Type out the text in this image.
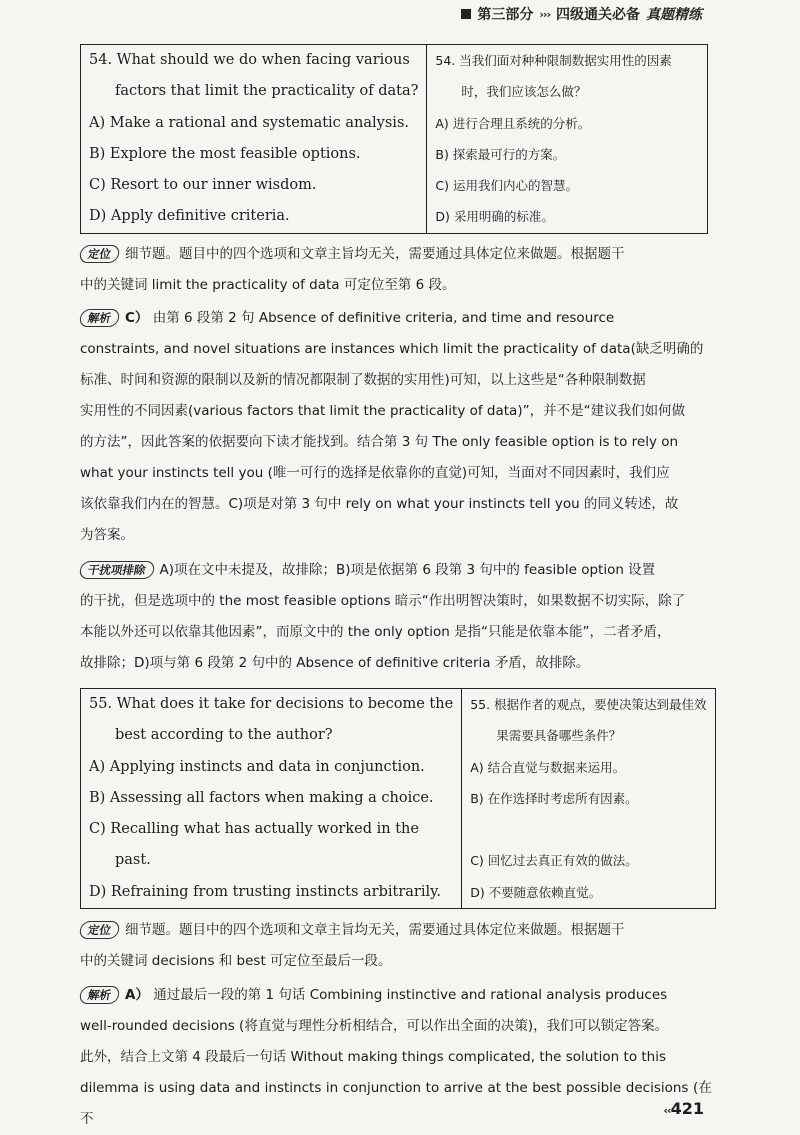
第三部分 ››› 四级通关必备 真题精练
54. What should we do when facing various
factors that limit the practicality of data?
A) Make a rational and systematic analysis.
B) Explore the most feasible options.
C) Resort to our inner wisdom.
D) Apply definitive criteria.

54. 当我们面对种种限制数据实用性的因素
时，我们应该怎么做？
A) 进行合理且系统的分析。
B) 探索最可行的方案。
C) 运用我们内心的智慧。
D) 采用明确的标准。
定位 细节题。题目中的四个选项和文章主旨均无关，需要通过具体定位来做题。根据题干
中的关键词 limit the practicality of data 可定位至第 6 段。
解析 C） 由第 6 段第 2 句 Absence of definitive criteria, and time and resource
constraints, and novel situations are instances which limit the practicality of data(缺乏明确的
标准、时间和资源的限制以及新的情况都限制了数据的实用性)可知，以上这些是“各种限制数据
实用性的不同因素(various factors that limit the practicality of data)”，并不是“建议我们如何做
的方法”，因此答案的依据要向下读才能找到。结合第 3 句 The only feasible option is to rely on
what your instincts tell you (唯一可行的选择是依靠你的直觉)可知，当面对不同因素时，我们应
该依靠我们内在的智慧。C)项是对第 3 句中 rely on what your instincts tell you 的同义转述，故
为答案。
干扰项排除 A)项在文中未提及，故排除；B)项是依据第 6 段第 3 句中的 feasible option 设置
的干扰，但是选项中的 the most feasible options 暗示“作出明智决策时，如果数据不切实际，除了
本能以外还可以依靠其他因素”，而原文中的 the only option 是指“只能是依靠本能”，二者矛盾，
故排除；D)项与第 6 段第 2 句中的 Absence of definitive criteria 矛盾，故排除。
55. What does it take for decisions to become the
best according to the author?
A) Applying instincts and data in conjunction.
B) Assessing all factors when making a choice.
C) Recalling what has actually worked in the
past.
D) Refraining from trusting instincts arbitrarily.

55. 根据作者的观点，要使决策达到最佳效
果需要具备哪些条件？
A) 结合直觉与数据来运用。
B) 在作选择时考虑所有因素。
C) 回忆过去真正有效的做法。
D) 不要随意依赖直觉。
定位 细节题。题目中的四个选项和文章主旨均无关，需要通过具体定位来做题。根据题干
中的关键词 decisions 和 best 可定位至最后一段。
解析 A） 通过最后一段的第 1 句话 Combining instinctive and rational analysis produces
well-rounded decisions (将直觉与理性分析相结合，可以作出全面的决策)，我们可以锁定答案。
此外，结合上文第 4 段最后一句话 Without making things complicated, the solution to this
dilemma is using data and instincts in conjunction to arrive at the best possible decisions (在不
‹‹421
